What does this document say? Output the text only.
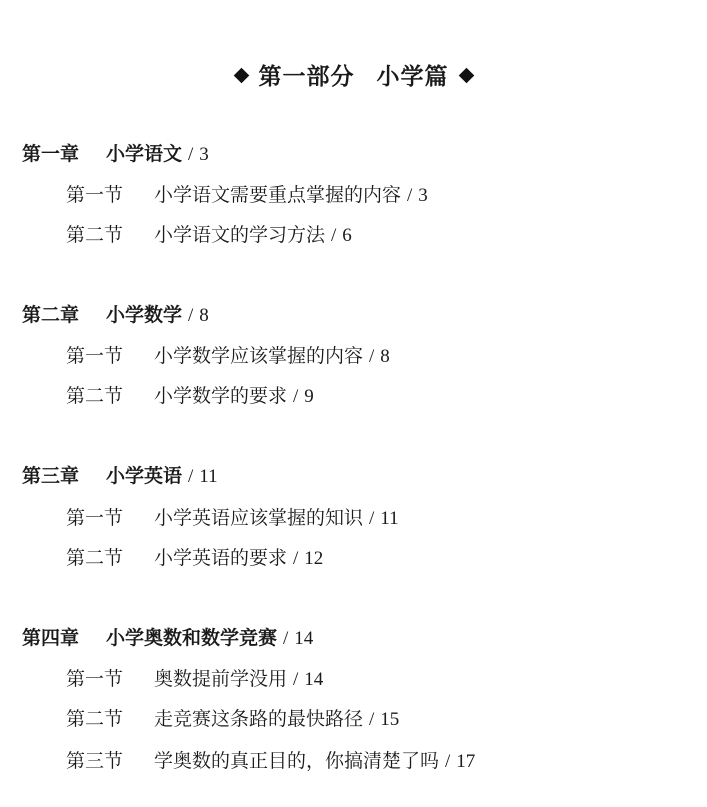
第一部分 小学篇
第一章 小学语文 / 3
第一节 小学语文需要重点掌握的内容 / 3
第二节 小学语文的学习方法 / 6
第二章 小学数学 / 8
第一节 小学数学应该掌握的内容 / 8
第二节 小学数学的要求 / 9
第三章 小学英语 / 11
第一节 小学英语应该掌握的知识 / 11
第二节 小学英语的要求 / 12
第四章 小学奥数和数学竞赛 / 14
第一节 奥数提前学没用 / 14
第二节 走竞赛这条路的最快路径 / 15
第三节 学奥数的真正目的，你搞清楚了吗 / 17
